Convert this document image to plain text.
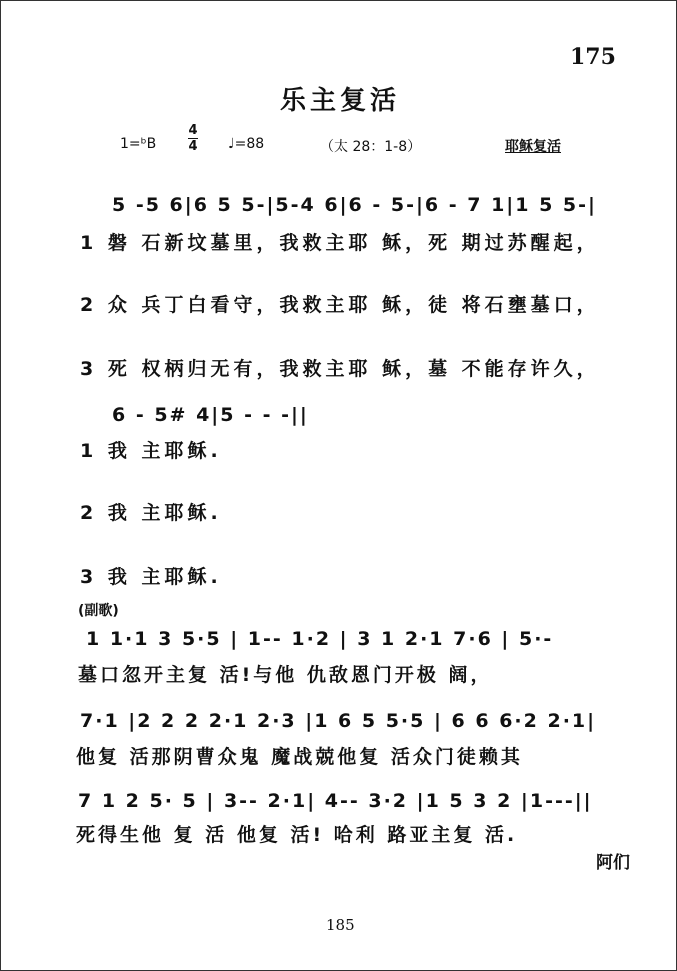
175
乐主复活
1=ᵇB
4
4 ♩=88	（太 28：1-8）	耶稣复活
5 -5 6|6 5 5-|5-4 6|6 - 5-|6 - 7 1|1 5 5-|
1 磐 石新坟墓里，我救主耶 稣，死 期过苏醒起，
2 众 兵丁白看守，我救主耶 稣，徒 将石壅墓口，
3 死 权柄归无有，我救主耶 稣，墓 不能存许久，
6 - 5# 4|5 - - -||
1 我 主耶稣.
2 我 主耶稣.
3 我 主耶稣.
(副歌)
1 1·1 3 5·5 | 1-- 1·2 | 3 1 2·1 7·6 | 5·-
墓口忽开主复 活!与他 仇敌恩门开极 阔，
7·1 |2 2 2 2·1 2·3 |1 6 5 5·5 | 6 6 6·2 2·1|
他复 活那阴曹众鬼 魔战兢他复 活众门徒赖其
7 1 2 5· 5 | 3-- 2·1| 4-- 3·2 |1 5 3 2 |1---||
死得生他 复 活 他复 活! 哈利 路亚主复 活.
阿们
185
